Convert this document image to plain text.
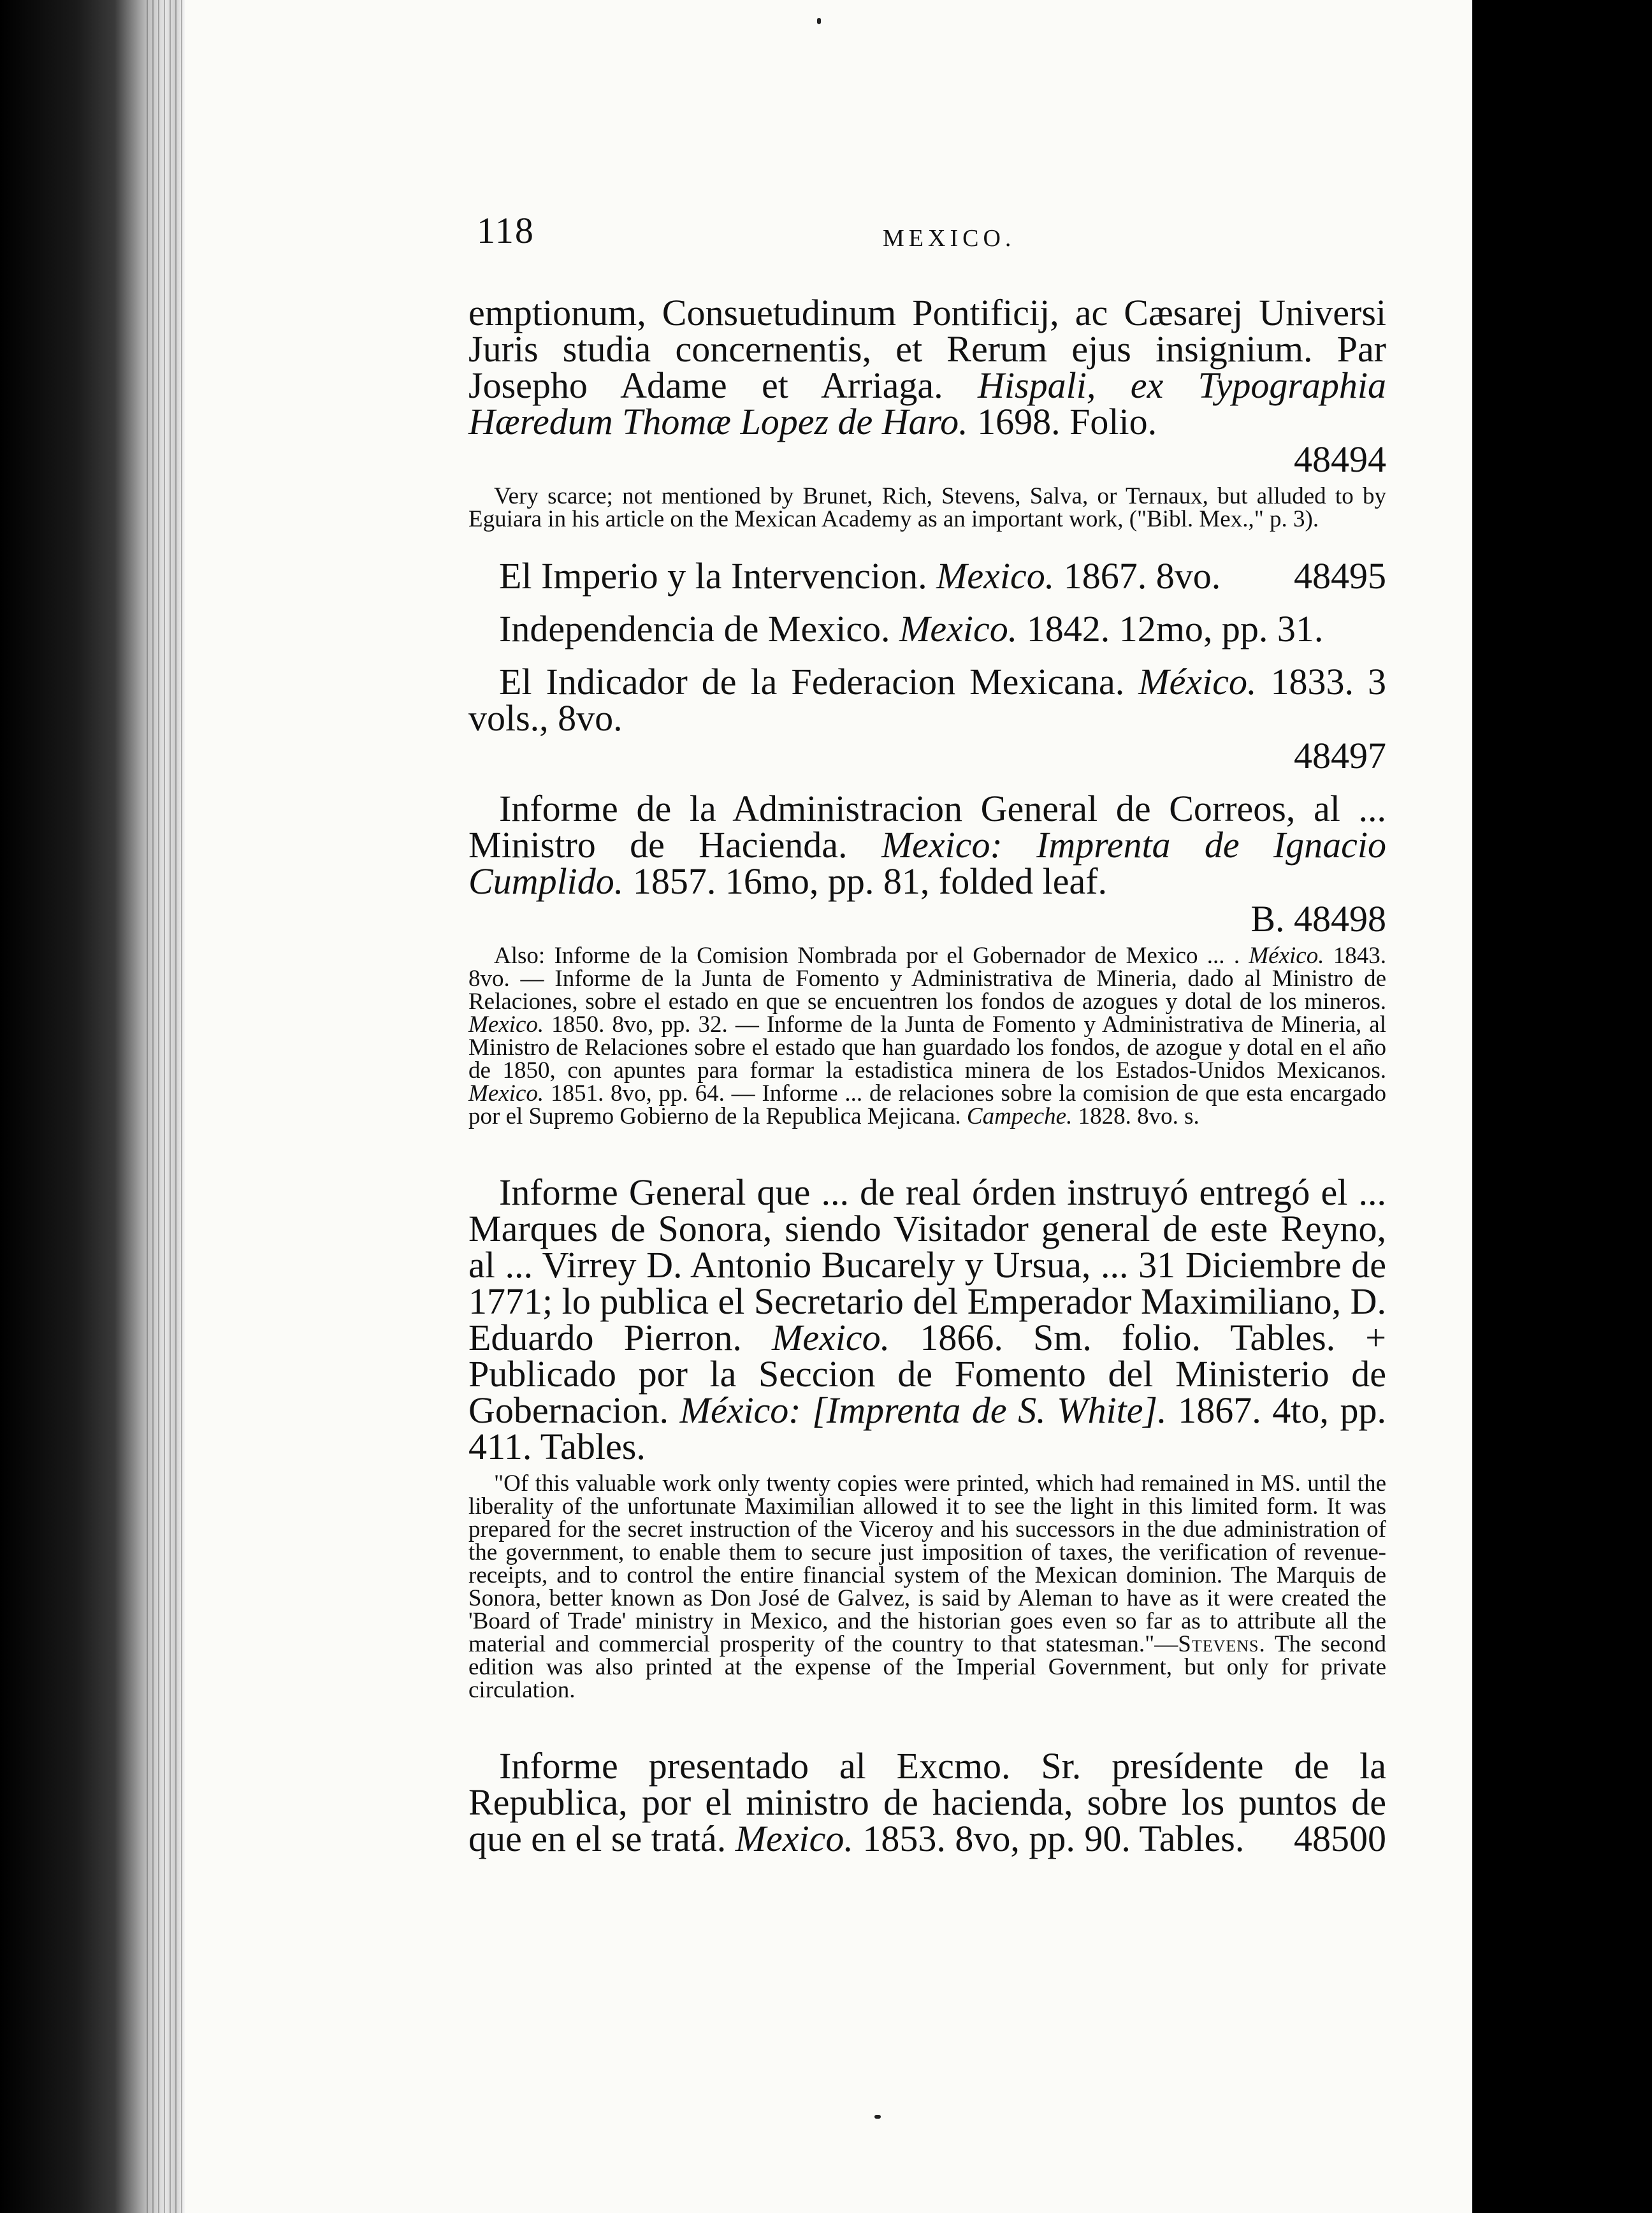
118	MEXICO.

emptionum, Consuetudinum Pontificij, ac Cæsarej Universi Juris studia concernentis, et Rerum ejus insignium. Par Josepho Adame et Arriaga. Hispali, ex Typographia Hæredum Thomæ Lopez de Haro. 1698. Folio.
48494

Very scarce; not mentioned by Brunet, Rich, Stevens, Salva, or Ternaux, but alluded to by Eguiara in his article on the Mexican Academy as an important work, ("Bibl. Mex.," p. 3).

48495
El Imperio y la Intervencion. Mexico. 1867. 8vo.

Independencia de Mexico. Mexico. 1842. 12mo, pp. 31.

El Indicador de la Federacion Mexicana. México. 1833. 3 vols., 8vo.
48497

Informe de la Administracion General de Correos, al ... Ministro de Hacienda. Mexico: Imprenta de Ignacio Cumplido. 1857. 16mo, pp. 81, folded leaf.
B. 48498

Also: Informe de la Comision Nombrada por el Gobernador de Mexico ... . México. 1843. 8vo. — Informe de la Junta de Fomento y Administrativa de Mineria, dado al Ministro de Relaciones, sobre el estado en que se encuentren los fondos de azogues y dotal de los mineros. Mexico. 1850. 8vo, pp. 32. — Informe de la Junta de Fomento y Administrativa de Mineria, al Ministro de Relaciones sobre el estado que han guardado los fondos, de azogue y dotal en el año de 1850, con apuntes para formar la estadistica minera de los Estados-Unidos Mexicanos. Mexico. 1851. 8vo, pp. 64. — Informe ... de relaciones sobre la comision de que esta encargado por el Supremo Gobierno de la Republica Mejicana. Campeche. 1828. 8vo. s.

Informe General que ... de real órden instruyó entregó el ... Marques de Sonora, siendo Visitador general de este Reyno, al ... Virrey D. Antonio Bucarely y Ursua, ... 31 Diciembre de 1771; lo publica el Secretario del Emperador Maximiliano, D. Eduardo Pierron. Mexico. 1866. Sm. folio. Tables. + Publicado por la Seccion de Fomento del Ministerio de Gobernacion. México: [Imprenta de S. White]. 1867. 4to, pp. 411. Tables.

"Of this valuable work only twenty copies were printed, which had remained in MS. until the liberality of the unfortunate Maximilian allowed it to see the light in this limited form. It was prepared for the secret instruction of the Viceroy and his successors in the due administration of the government, to enable them to secure just imposition of taxes, the verification of revenue-receipts, and to control the entire financial system of the Mexican dominion. The Marquis de Sonora, better known as Don José de Galvez, is said by Aleman to have as it were created the 'Board of Trade' ministry in Mexico, and the historian goes even so far as to attribute all the material and commercial prosperity of the country to that statesman."—Stevens. The second edition was also printed at the expense of the Imperial Government, but only for private circulation.

Informe presentado al Excmo. Sr. presídente de la Republica, por el ministro de hacienda, sobre los puntos de que en el se tratá. Mexico. 1853. 8vo, pp. 90. Tables.	48500
